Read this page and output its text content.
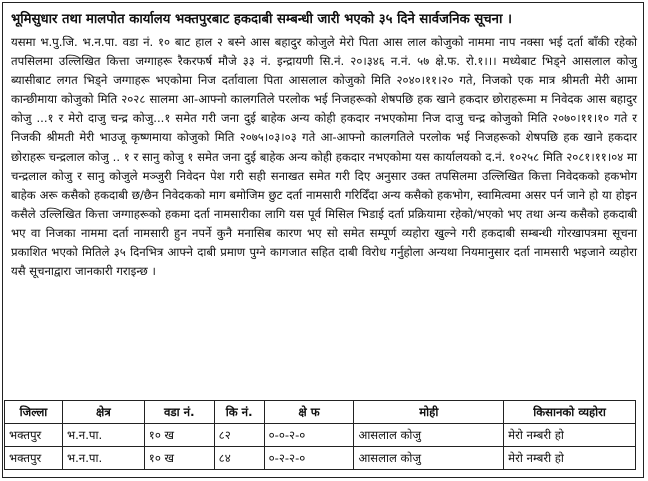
भूमिसुधार तथा मालपोत कार्यालय भक्तपुरबाट हकदाबी सम्बन्धी जारी भएको ३५ दिने सार्वजनिक सूचना ।
यसमा भ.पु.जि. भ.न.पा. वडा नं. १० बाट हाल २ बस्ने आस बहादुर कोजुले मेरो पिता आस लाल कोजुको नाममा नाप नक्सा भई दर्ता बाँकी रहेको तपसिलमा उल्लिखित कित्ता जग्गाहरू रैकरफर्ष मौजे ३३ नं. इन्द्रायणी सि.नं. २०।३४६ न.नं. ५७ क्षे.फ. रो.१।।। मध्येबाट भिड्ने आसलाल कोजु ब्यासीबाट लगत भिड्ने जग्गाहरू भएकोमा निज दर्तावाला पिता आसलाल कोजुको मिति २०४०।११।२० गते, निजको एक मात्र श्रीमती मेरी आमा कान्छीमाया कोजुको मिति २०२८ सालमा आ-आफ्नो कालगतिले परलोक भई निजहरूको शेषपछि हक खाने हकदार छोराहरूमा म निवेदक आस बहादुर कोजु ...१ र मेरो दाजु चन्द्र कोजु...१ समेत गरी जना दुई बाहेक अन्य कोही हकदार नभएकोमा निज दाजु चन्द्र कोजुको मिति २०७०।११।१० गते र निजकी श्रीमती मेरी भाउजू कृष्णमाया कोजुको मिति २०७५।०३।०३ गते आ-आफ्नो कालगतिले परलोक भई निजहरूको शेषपछि हक खाने हकदार छोराहरू चन्द्रलाल कोजु .. १ र सानु कोजु १ समेत जना दुई बाहेक अन्य कोही हकदार नभएकोमा यस कार्यालयको द.नं. १०२५८ मिति २०८१।११।०४ मा चन्द्रलाल कोजु र सानु कोजुले मञ्जुरी निवेदन पेश गरी सही सनाखत समेत गरी दिए अनुसार उक्त तपसिलमा उल्लिखित कित्ता निवेदकको हकभोग बाहेक अरू कसैको हकदाबी छ/छैन निवेदकको माग बमोजिम छुट दर्ता नामसारी गरिदिँदा अन्य कसैको हकभोग, स्वामित्वमा असर पर्न जाने हो या होइन कसैले उल्लिखित कित्ता जग्गाहरूको हकमा दर्ता नामसारीका लागि यस पूर्व मिसिल भिडाई दर्ता प्रक्रियामा रहेको/भएको भए तथा अन्य कसैको हकदाबी भए वा निजका नाममा दर्ता नामसारी हुन नपर्ने कुनै मनासिब कारण भए सो समेत सम्पूर्ण व्यहोरा खुल्ने गरी हकदाबी सम्बन्धी गोरखापत्रमा सूचना प्रकाशित भएको मितिले ३५ दिनभित्र आफ्ने दाबी प्रमाण पुग्ने कागजात सहित दाबी विरोध गर्नुहोला अन्यथा नियमानुसार दर्ता नामसारी भइजाने व्यहोरा यसै सूचनाद्वारा जानकारी गराइन्छ ।
जिल्ला	क्षेत्र	वडा नं.	कि नं.	क्षे फ	मोही	किसानको व्यहोरा
भक्तपुर	भ.न.पा.	१० ख	८२	०-०-२-०	आसलाल कोजु	मेरो नम्बरी हो
भक्तपुर	भ.न.पा.	१० ख	८४	०-२-२-०	आसलाल कोजु	मेरो नम्बरी हो
